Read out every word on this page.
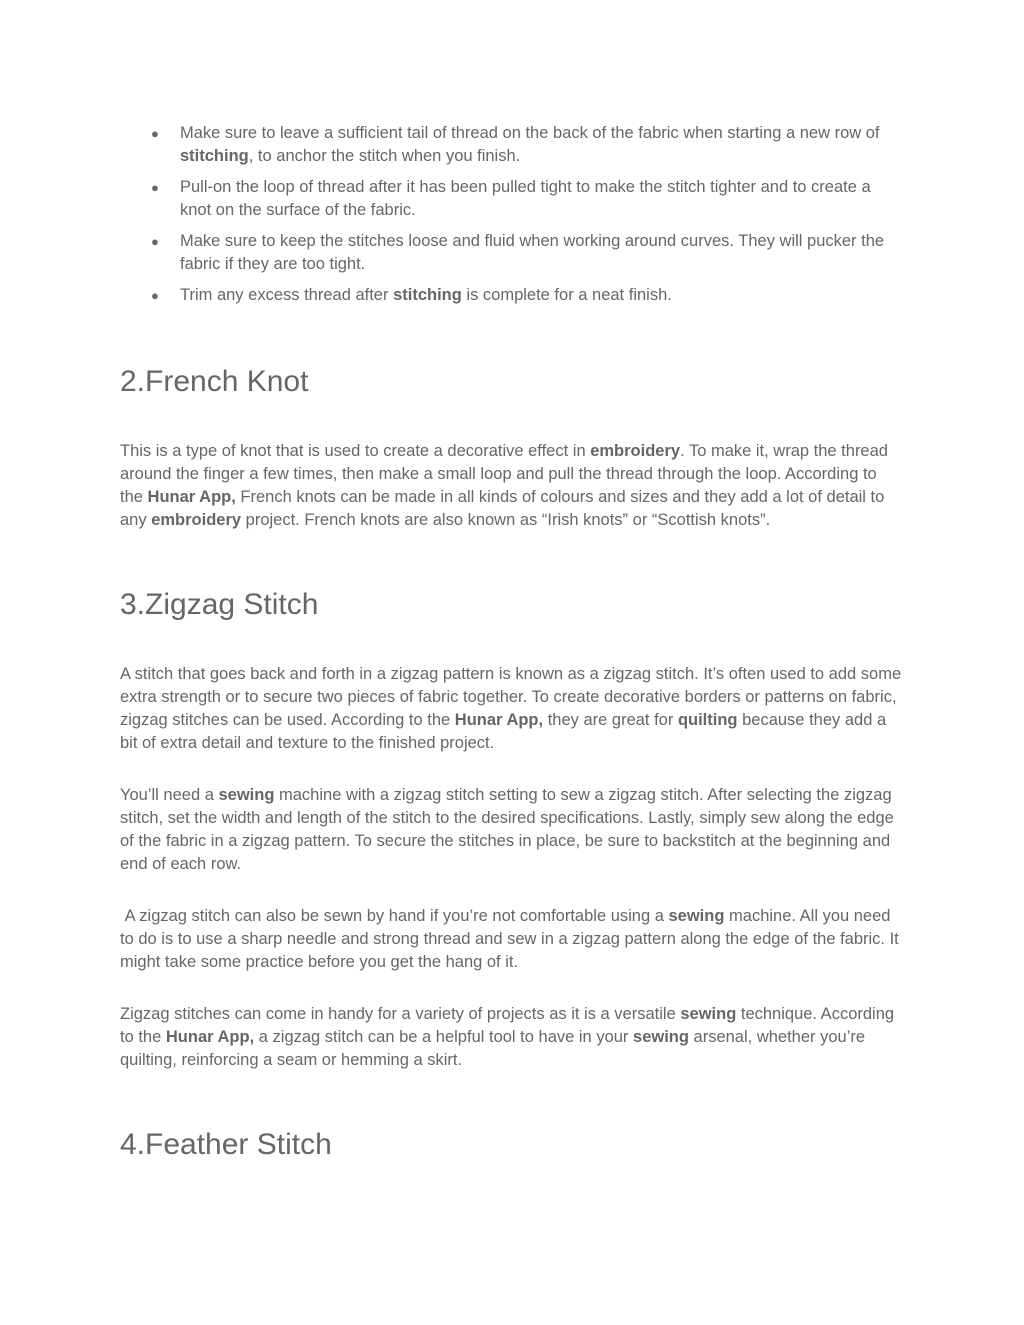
● Make sure to leave a sufficient tail of thread on the back of the fabric when starting a new row of stitching, to anchor the stitch when you finish.
● Pull-on the loop of thread after it has been pulled tight to make the stitch tighter and to create a knot on the surface of the fabric.
● Make sure to keep the stitches loose and fluid when working around curves. They will pucker the fabric if they are too tight.
● Trim any excess thread after stitching is complete for a neat finish.
2.French Knot

This is a type of knot that is used to create a decorative effect in embroidery. To make it, wrap the thread around the finger a few times, then make a small loop and pull the thread through the loop. According to the Hunar App, French knots can be made in all kinds of colours and sizes and they add a lot of detail to any embroidery project. French knots are also known as “Irish knots” or “Scottish knots”.

3.Zigzag Stitch

A stitch that goes back and forth in a zigzag pattern is known as a zigzag stitch. It’s often used to add some extra strength or to secure two pieces of fabric together. To create decorative borders or patterns on fabric, zigzag stitches can be used. According to the Hunar App, they are great for quilting because they add a bit of extra detail and texture to the finished project.

You’ll need a sewing machine with a zigzag stitch setting to sew a zigzag stitch. After selecting the zigzag stitch, set the width and length of the stitch to the desired specifications. Lastly, simply sew along the edge of the fabric in a zigzag pattern. To secure the stitches in place, be sure to backstitch at the beginning and end of each row.

A zigzag stitch can also be sewn by hand if you’re not comfortable using a sewing machine. All you need to do is to use a sharp needle and strong thread and sew in a zigzag pattern along the edge of the fabric. It might take some practice before you get the hang of it.

Zigzag stitches can come in handy for a variety of projects as it is a versatile sewing technique. According to the Hunar App, a zigzag stitch can be a helpful tool to have in your sewing arsenal, whether you’re quilting, reinforcing a seam or hemming a skirt.

4.Feather Stitch
